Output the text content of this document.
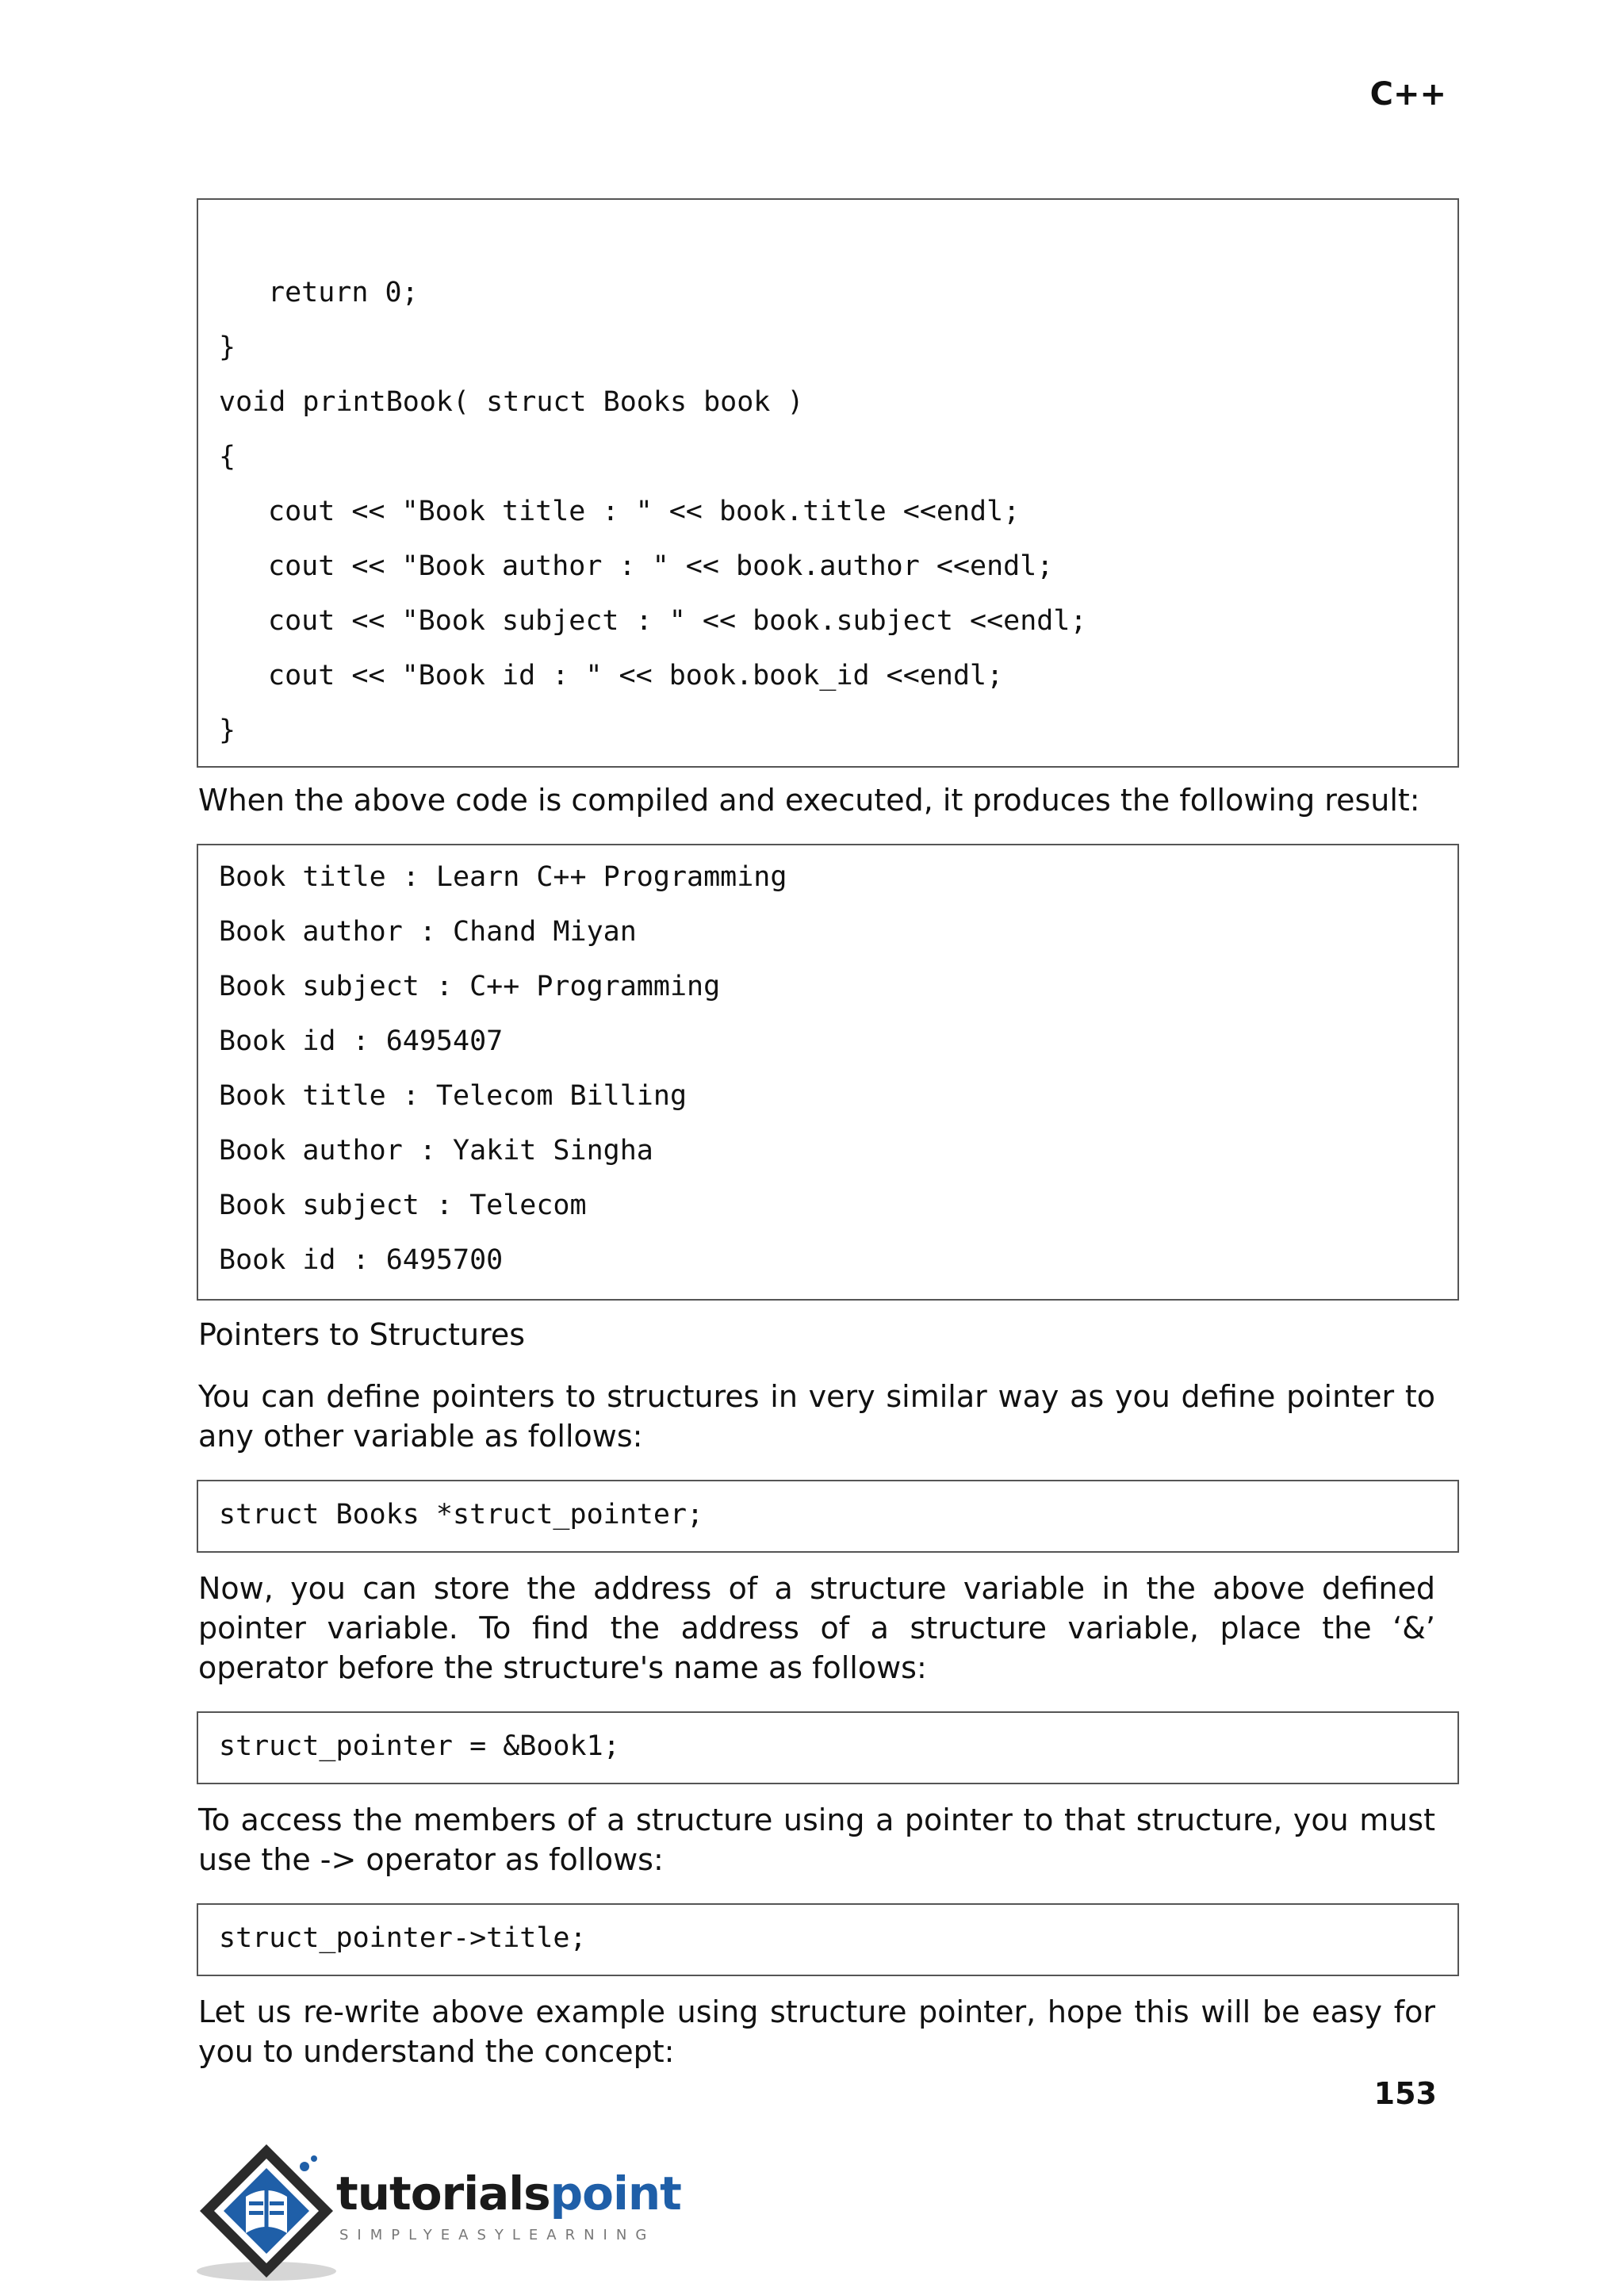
C++
return 0;
}
void printBook( struct Books book )
{
cout << "Book title : " << book.title <<endl;
cout << "Book author : " << book.author <<endl;
cout << "Book subject : " << book.subject <<endl;
cout << "Book id : " << book.book_id <<endl;
}
When the above code is compiled and executed, it produces the following result:
Book title : Learn C++ Programming
Book author : Chand Miyan
Book subject : C++ Programming
Book id : 6495407
Book title : Telecom Billing
Book author : Yakit Singha
Book subject : Telecom
Book id : 6495700
Pointers to Structures
You can define pointers to structures in very similar way as you define pointer to any other variable as follows:
struct Books *struct_pointer;
Now, you can store the address of a structure variable in the above defined pointer variable. To find the address of a structure variable, place the ‘&’ operator before the structure's name as follows:
struct_pointer = &Book1;
To access the members of a structure using a pointer to that structure, you must use the -> operator as follows:
struct_pointer->title;
Let us re-write above example using structure pointer, hope this will be easy for you to understand the concept:
153
tutorialspoint
SIMPLYEASYLEARNING
